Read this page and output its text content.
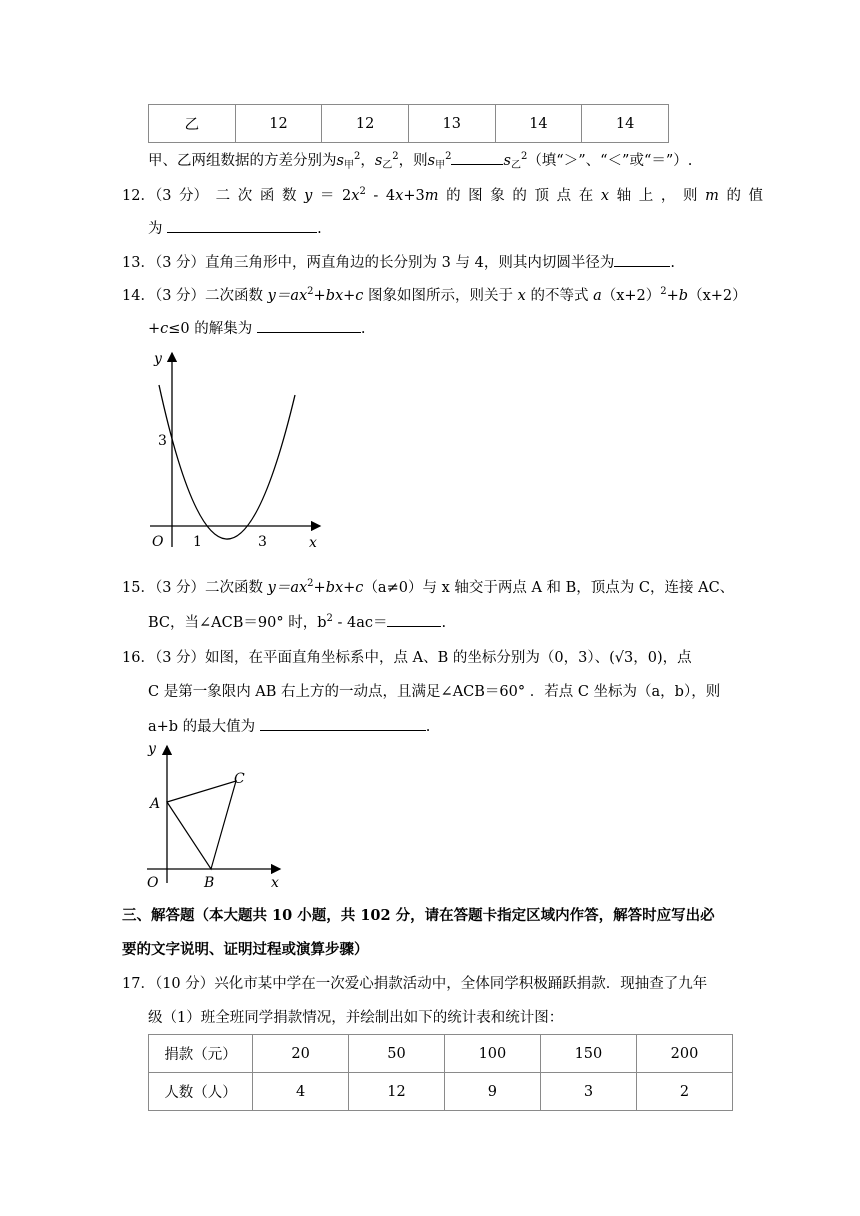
乙	12	12	13	14	14
甲、乙两组数据的方差分别为$s_甲^2$，$s_乙^2$，则$s_甲^2$	$s_乙^2$（填“＞”、“＜”或“＝”）.
12．（3 分） 二 次 函 数 $y = 2x^2 - 4x+3m$ 的 图 象 的 顶 点 在 x 轴 上 ， 则 m 的 值
为	.
13．（3 分）直角三角形中，两直角边的长分别为 3 与 4，则其内切圆半径为	.
14．（3 分）二次函数 $y=ax^2+bx+c$ 图象如图所示，则关于 x 的不等式 $a(x+2)^2+b(x+2)$
+c≤0 的解集为	.
y
x
O
3
1	3
15．（3 分）二次函数 $y=ax^2+bx+c(a\ne 0)$与 x 轴交于两点 A 和 B，顶点为 C，连接 AC、
BC，当∠ACB＝90° 时，$b^2 - 4ac=$	.
16．（3 分）如图，在平面直角坐标系中，点 A、B 的坐标分别为（0，3）、(√3，0)，点
C 是第一象限内 AB 右上方的一动点，且满足∠ACB＝60° ．若点 C 坐标为（a，b），则
a+b 的最大值为	.
y
x
O
A
B
C
三、解答题（本大题共 10 小题，共 102 分，请在答题卡指定区域内作答，解答时应写出必
要的文字说明、证明过程或演算步骤）
17．（10 分）兴化市某中学在一次爱心捐款活动中，全体同学积极踊跃捐款．现抽查了九年
级（1）班全班同学捐款情况，并绘制出如下的统计表和统计图：
捐款（元）	20	50	100	150	200
人数（人）	4	12	9	3	2
